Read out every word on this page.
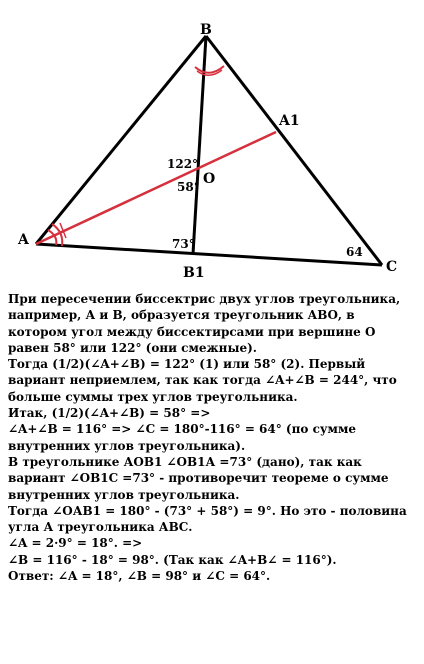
B
A
C
A1
B1
O
122°
58°
73°
64
При пересечении биссектрис двух углов треугольника,
например, А и В, образуется треугольник АВО, в
котором угол между биссектирсами при вершине О
равен 58° или 122° (они смежные).
Тогда (1/2)(∠A+∠B) = 122° (1) или 58° (2). Первый
вариант неприемлем, так как тогда ∠A+∠B = 244°, что
больше суммы трех углов треугольника.
Итак, (1/2)(∠A+∠B) = 58° =>
∠A+∠B = 116° => ∠C = 180°-116° = 64° (по сумме
внутренних углов треугольника).
В треугольнике АОВ1 ∠ОВ1А =73° (дано), так как
вариант ∠ОВ1С =73° - противоречит теореме о сумме
внутренних углов треугольника.
Тогда ∠ОАВ1 = 180° - (73° + 58°) = 9°. Но это - половина
угла А треугольника АВС.
∠A = 2·9° = 18°. =>
∠B = 116° - 18° = 98°. (Так как ∠A+B∠ = 116°).
Ответ: ∠A = 18°, ∠B = 98° и ∠C = 64°.
